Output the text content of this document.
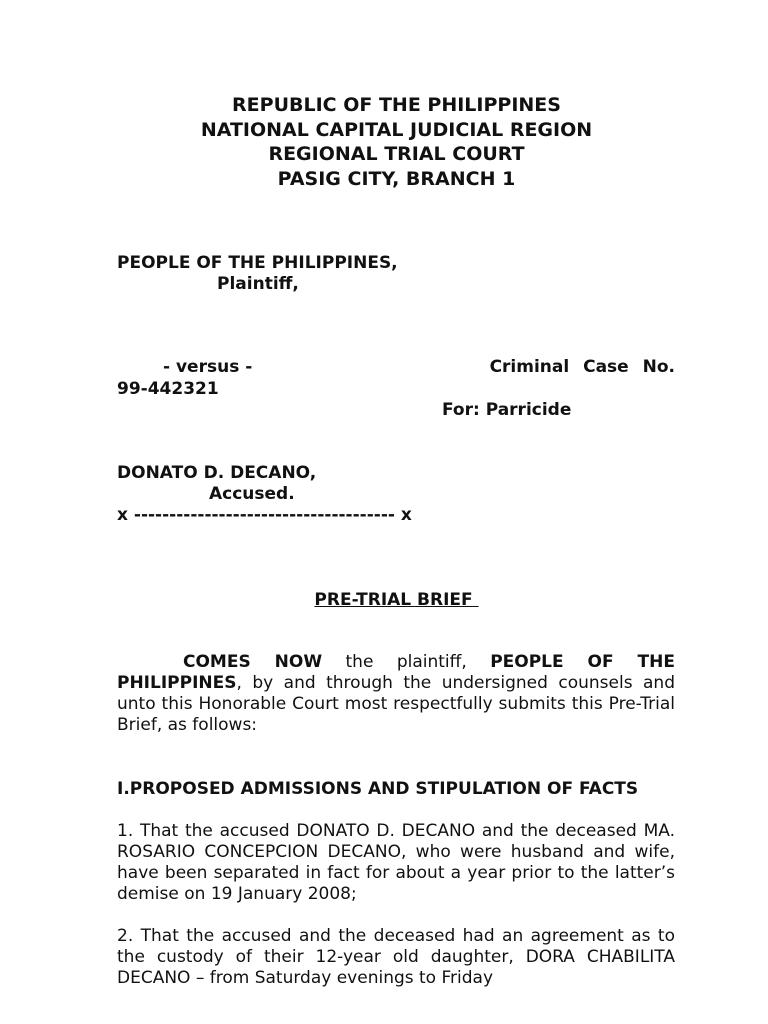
REPUBLIC OF THE PHILIPPINES
NATIONAL CAPITAL JUDICIAL REGION
REGIONAL TRIAL COURT
PASIG CITY, BRANCH 1
PEOPLE OF THE PHILIPPINES,
Plaintiff,
- versus -	Criminal Case No.
99-442321
For: Parricide
DONATO D. DECANO,
Accused.
x ------------------------------------- x
PRE-TRIAL BRIEF
COMES NOW the plaintiff, PEOPLE OF THE PHILIPPINES, by and through the undersigned counsels and unto this Honorable Court most respectfully submits this Pre-Trial Brief, as follows:
I.PROPOSED ADMISSIONS AND STIPULATION OF FACTS
1. That the accused DONATO D. DECANO and the deceased MA. ROSARIO CONCEPCION DECANO, who were husband and wife, have been separated in fact for about a year prior to the latter’s demise on 19 January 2008;
2. That the accused and the deceased had an agreement as to the custody of their 12-year old daughter, DORA CHABILITA DECANO – from Saturday evenings to Friday
